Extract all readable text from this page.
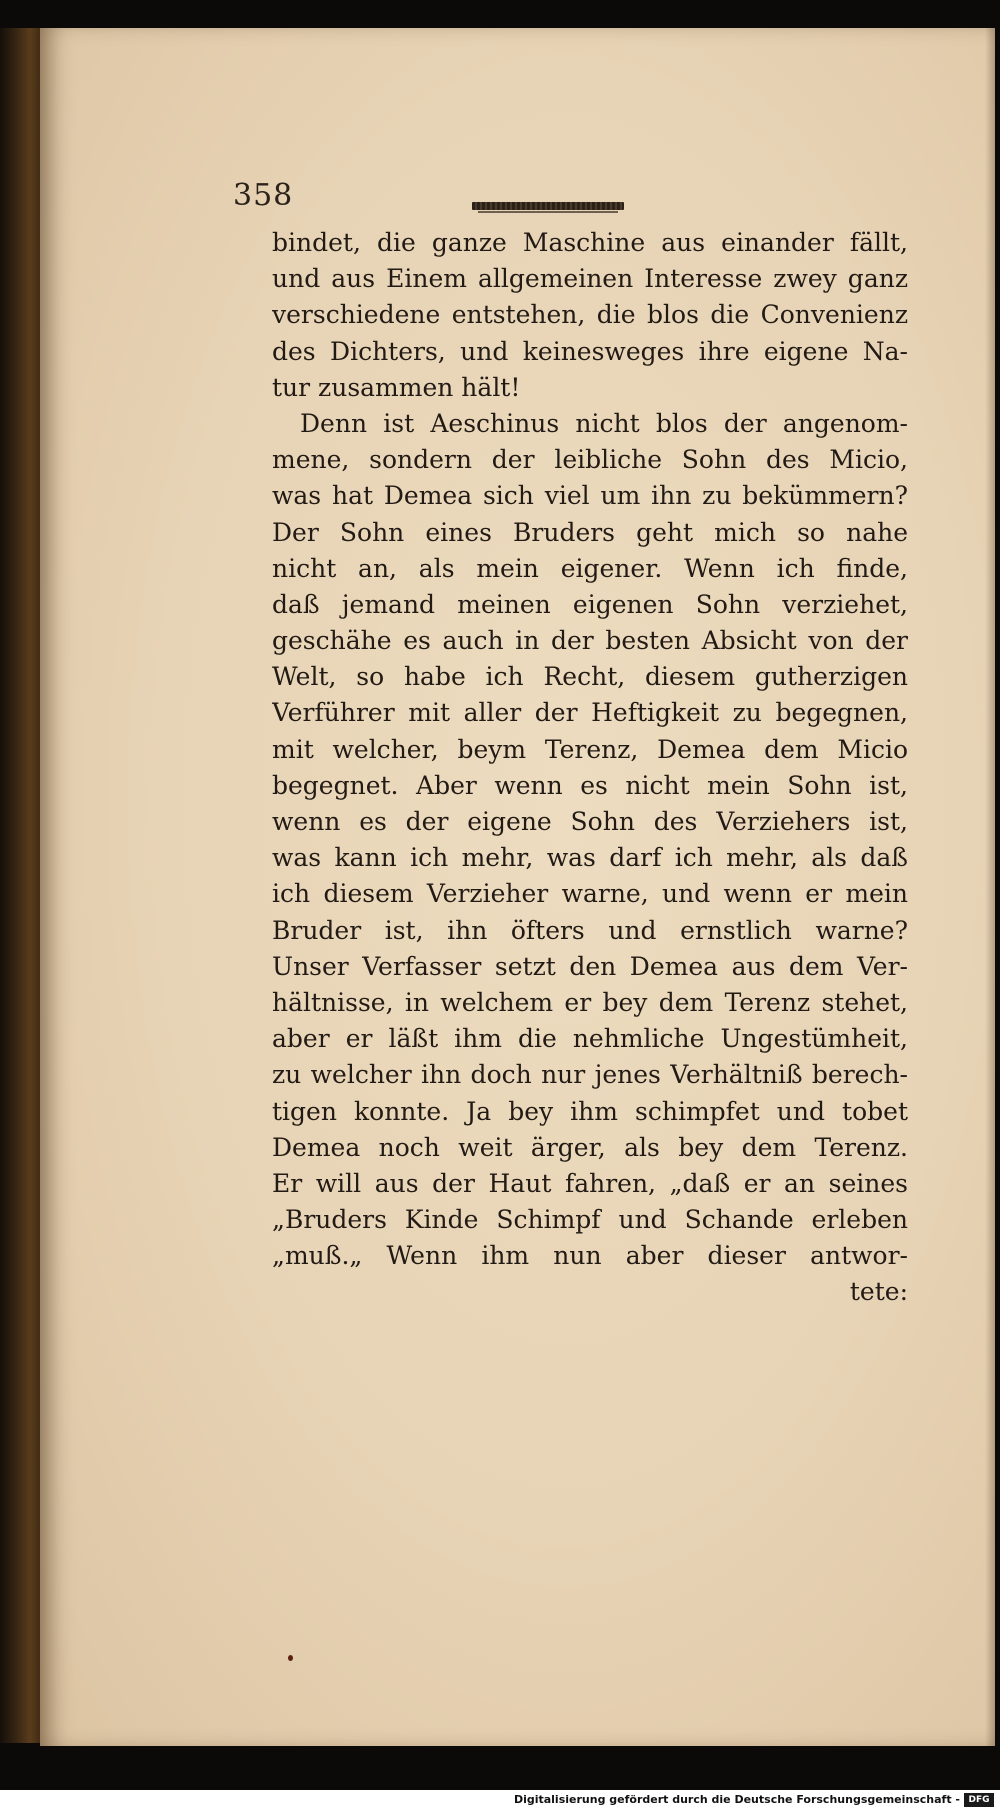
358
bindet, die ganze Maschine aus einander fällt,
und aus Einem allgemeinen Interesse zwey ganz
verschiedene entstehen, die blos die Convenienz
des Dichters, und keinesweges ihre eigene Na-
tur zusammen hält!
Denn ist Aeschinus nicht blos der angenom-
mene, sondern der leibliche Sohn des Micio,
was hat Demea sich viel um ihn zu bekümmern?
Der Sohn eines Bruders geht mich so nahe
nicht an, als mein eigener. Wenn ich finde,
daß jemand meinen eigenen Sohn verziehet,
geschähe es auch in der besten Absicht von der
Welt, so habe ich Recht, diesem gutherzigen
Verführer mit aller der Heftigkeit zu begegnen,
mit welcher, beym Terenz, Demea dem Micio
begegnet. Aber wenn es nicht mein Sohn ist,
wenn es der eigene Sohn des Verziehers ist,
was kann ich mehr, was darf ich mehr, als daß
ich diesem Verzieher warne, und wenn er mein
Bruder ist, ihn öfters und ernstlich warne?
Unser Verfasser setzt den Demea aus dem Ver-
hältnisse, in welchem er bey dem Terenz stehet,
aber er läßt ihm die nehmliche Ungestümheit,
zu welcher ihn doch nur jenes Verhältniß berech-
tigen konnte. Ja bey ihm schimpfet und tobet
Demea noch weit ärger, als bey dem Terenz.
Er will aus der Haut fahren, „daß er an seines
„Bruders Kinde Schimpf und Schande erleben
„muß.„ Wenn ihm nun aber dieser antwor-
tete:
Digitalisierung gefördert durch die Deutsche Forschungsgemeinschaft - DFG
